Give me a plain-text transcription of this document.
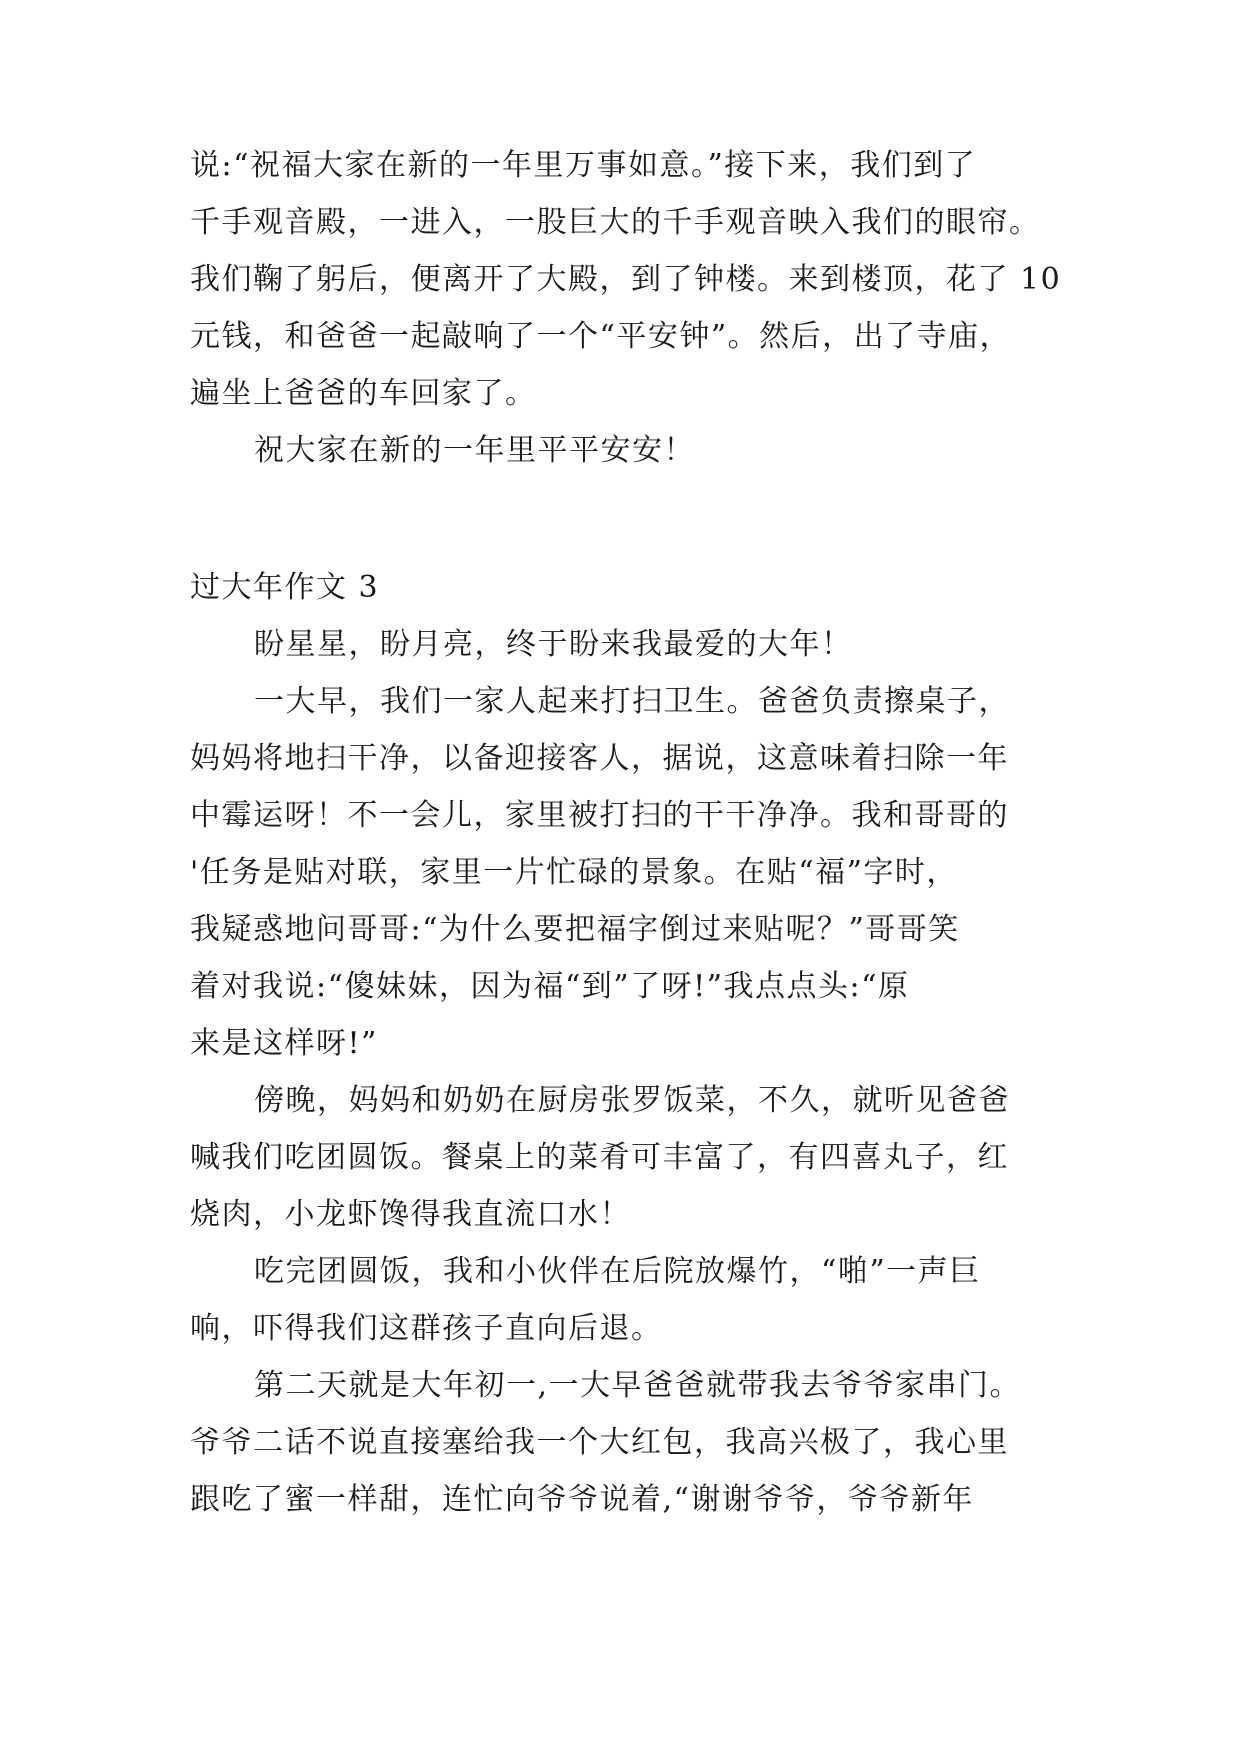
说:“祝福大家在新的一年里万事如意。”接下来，我们到了
千手观音殿，一进入，一股巨大的千手观音映入我们的眼帘。
我们鞠了躬后，便离开了大殿，到了钟楼。来到楼顶，花了 10
元钱，和爸爸一起敲响了一个“平安钟”。然后，出了寺庙，
遍坐上爸爸的车回家了。
祝大家在新的一年里平平安安！
过大年作文 3
盼星星，盼月亮，终于盼来我最爱的大年！
一大早，我们一家人起来打扫卫生。爸爸负责擦桌子，
妈妈将地扫干净，以备迎接客人，据说，这意味着扫除一年
中霉运呀！不一会儿，家里被打扫的干干净净。我和哥哥的
'任务是贴对联，家里一片忙碌的景象。在贴“福”字时，
我疑惑地问哥哥:“为什么要把福字倒过来贴呢？”哥哥笑
着对我说:“傻妹妹，因为福“到”了呀!”我点点头:“原
来是这样呀!”
傍晚，妈妈和奶奶在厨房张罗饭菜，不久，就听见爸爸
喊我们吃团圆饭。餐桌上的菜肴可丰富了，有四喜丸子，红
烧肉，小龙虾馋得我直流口水！
吃完团圆饭，我和小伙伴在后院放爆竹，“啪”一声巨
响，吓得我们这群孩子直向后退。
第二天就是大年初一,一大早爸爸就带我去爷爷家串门。
爷爷二话不说直接塞给我一个大红包，我高兴极了，我心里
跟吃了蜜一样甜，连忙向爷爷说着,“谢谢爷爷，爷爷新年
